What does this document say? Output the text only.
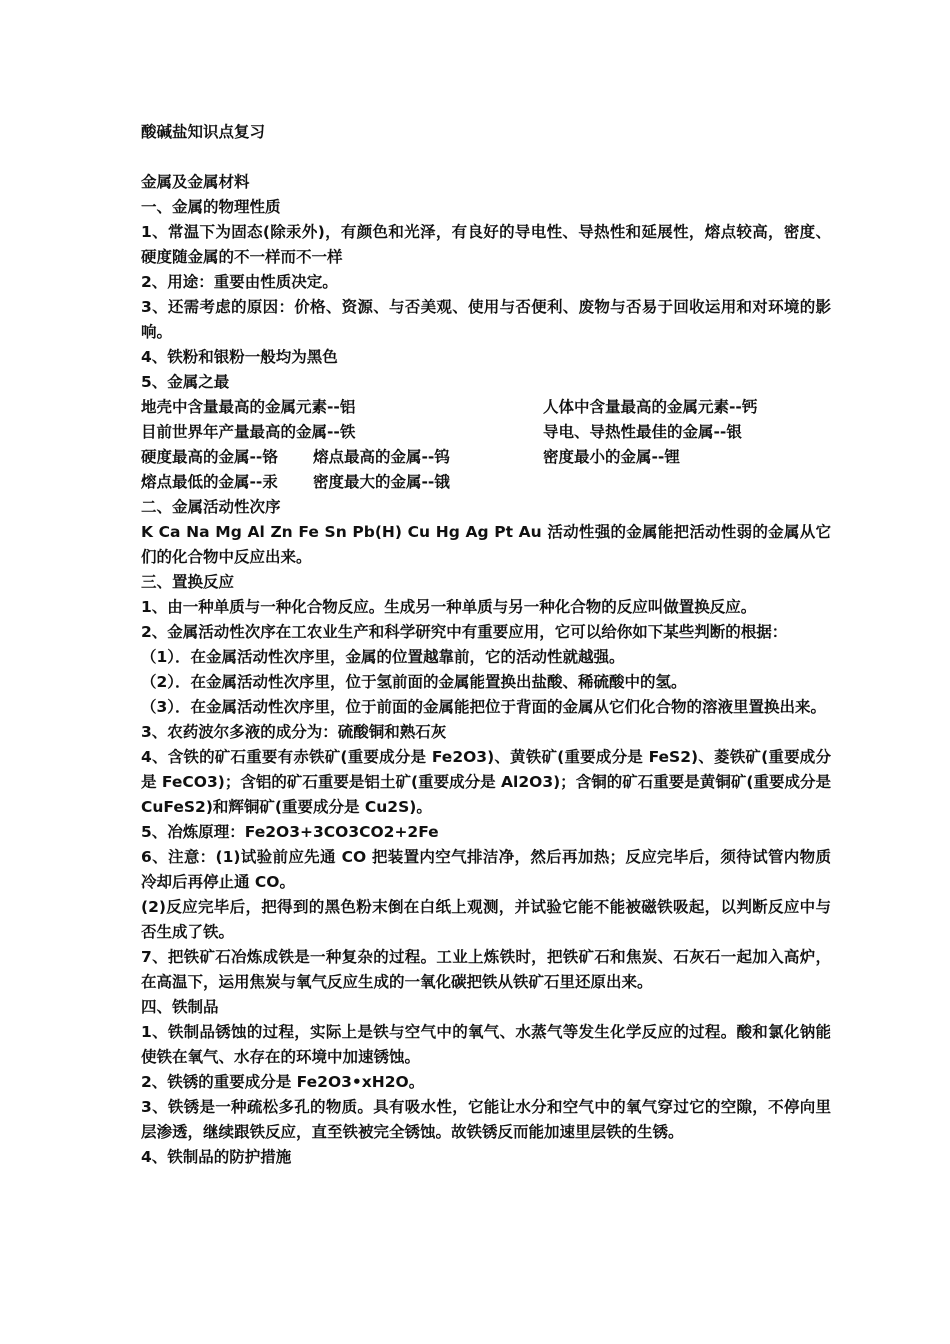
酸碱盐知识点复习
金属及金属材料
一、金属的物理性质
1、常温下为固态(除汞外)，有颜色和光泽，有良好的导电性、导热性和延展性，熔点较高，密度、硬度随金属的不一样而不一样
2、用途：重要由性质决定。
3、还需考虑的原因：价格、资源、与否美观、使用与否便利、废物与否易于回收运用和对环境的影响。
4、铁粉和银粉一般均为黑色
5、金属之最
地壳中含量最高的金属元素--铝	人体中含量最高的金属元素--钙
目前世界年产量最高的金属--铁	导电、导热性最佳的金属--银
硬度最高的金属--铬 熔点最高的金属--钨	密度最小的金属--锂
熔点最低的金属--汞 密度最大的金属--锇
二、金属活动性次序
K Ca Na Mg Al Zn Fe Sn Pb(H) Cu Hg Ag Pt Au 活动性强的金属能把活动性弱的金属从它们的化合物中反应出来。
三、置换反应
1、由一种单质与一种化合物反应。生成另一种单质与另一种化合物的反应叫做置换反应。
2、金属活动性次序在工农业生产和科学研究中有重要应用，它可以给你如下某些判断的根据：
（1）．在金属活动性次序里，金属的位置越靠前，它的活动性就越强。
（2）．在金属活动性次序里，位于氢前面的金属能置换出盐酸、稀硫酸中的氢。
（3）．在金属活动性次序里，位于前面的金属能把位于背面的金属从它们化合物的溶液里置换出来。
3、农药波尔多液的成分为：硫酸铜和熟石灰
4、含铁的矿石重要有赤铁矿(重要成分是 Fe2O3)、黄铁矿(重要成分是 FeS2)、菱铁矿(重要成分是 FeCO3)；含铝的矿石重要是铝土矿(重要成分是 Al2O3)；含铜的矿石重要是黄铜矿(重要成分是 CuFeS2)和辉铜矿(重要成分是 Cu2S)。
5、冶炼原理：Fe2O3+3CO3CO2+2Fe
6、注意：(1)试验前应先通 CO 把装置内空气排洁净，然后再加热；反应完毕后，须待试管内物质冷却后再停止通 CO。
(2)反应完毕后，把得到的黑色粉末倒在白纸上观测，并试验它能不能被磁铁吸起，以判断反应中与否生成了铁。
7、把铁矿石冶炼成铁是一种复杂的过程。工业上炼铁时，把铁矿石和焦炭、石灰石一起加入高炉，在高温下，运用焦炭与氧气反应生成的一氧化碳把铁从铁矿石里还原出来。
四、铁制品
1、铁制品锈蚀的过程，实际上是铁与空气中的氧气、水蒸气等发生化学反应的过程。酸和氯化钠能使铁在氧气、水存在的环境中加速锈蚀。
2、铁锈的重要成分是 Fe2O3•xH2O。
3、铁锈是一种疏松多孔的物质。具有吸水性，它能让水分和空气中的氧气穿过它的空隙，不停向里层渗透，继续跟铁反应，直至铁被完全锈蚀。故铁锈反而能加速里层铁的生锈。
4、铁制品的防护措施
